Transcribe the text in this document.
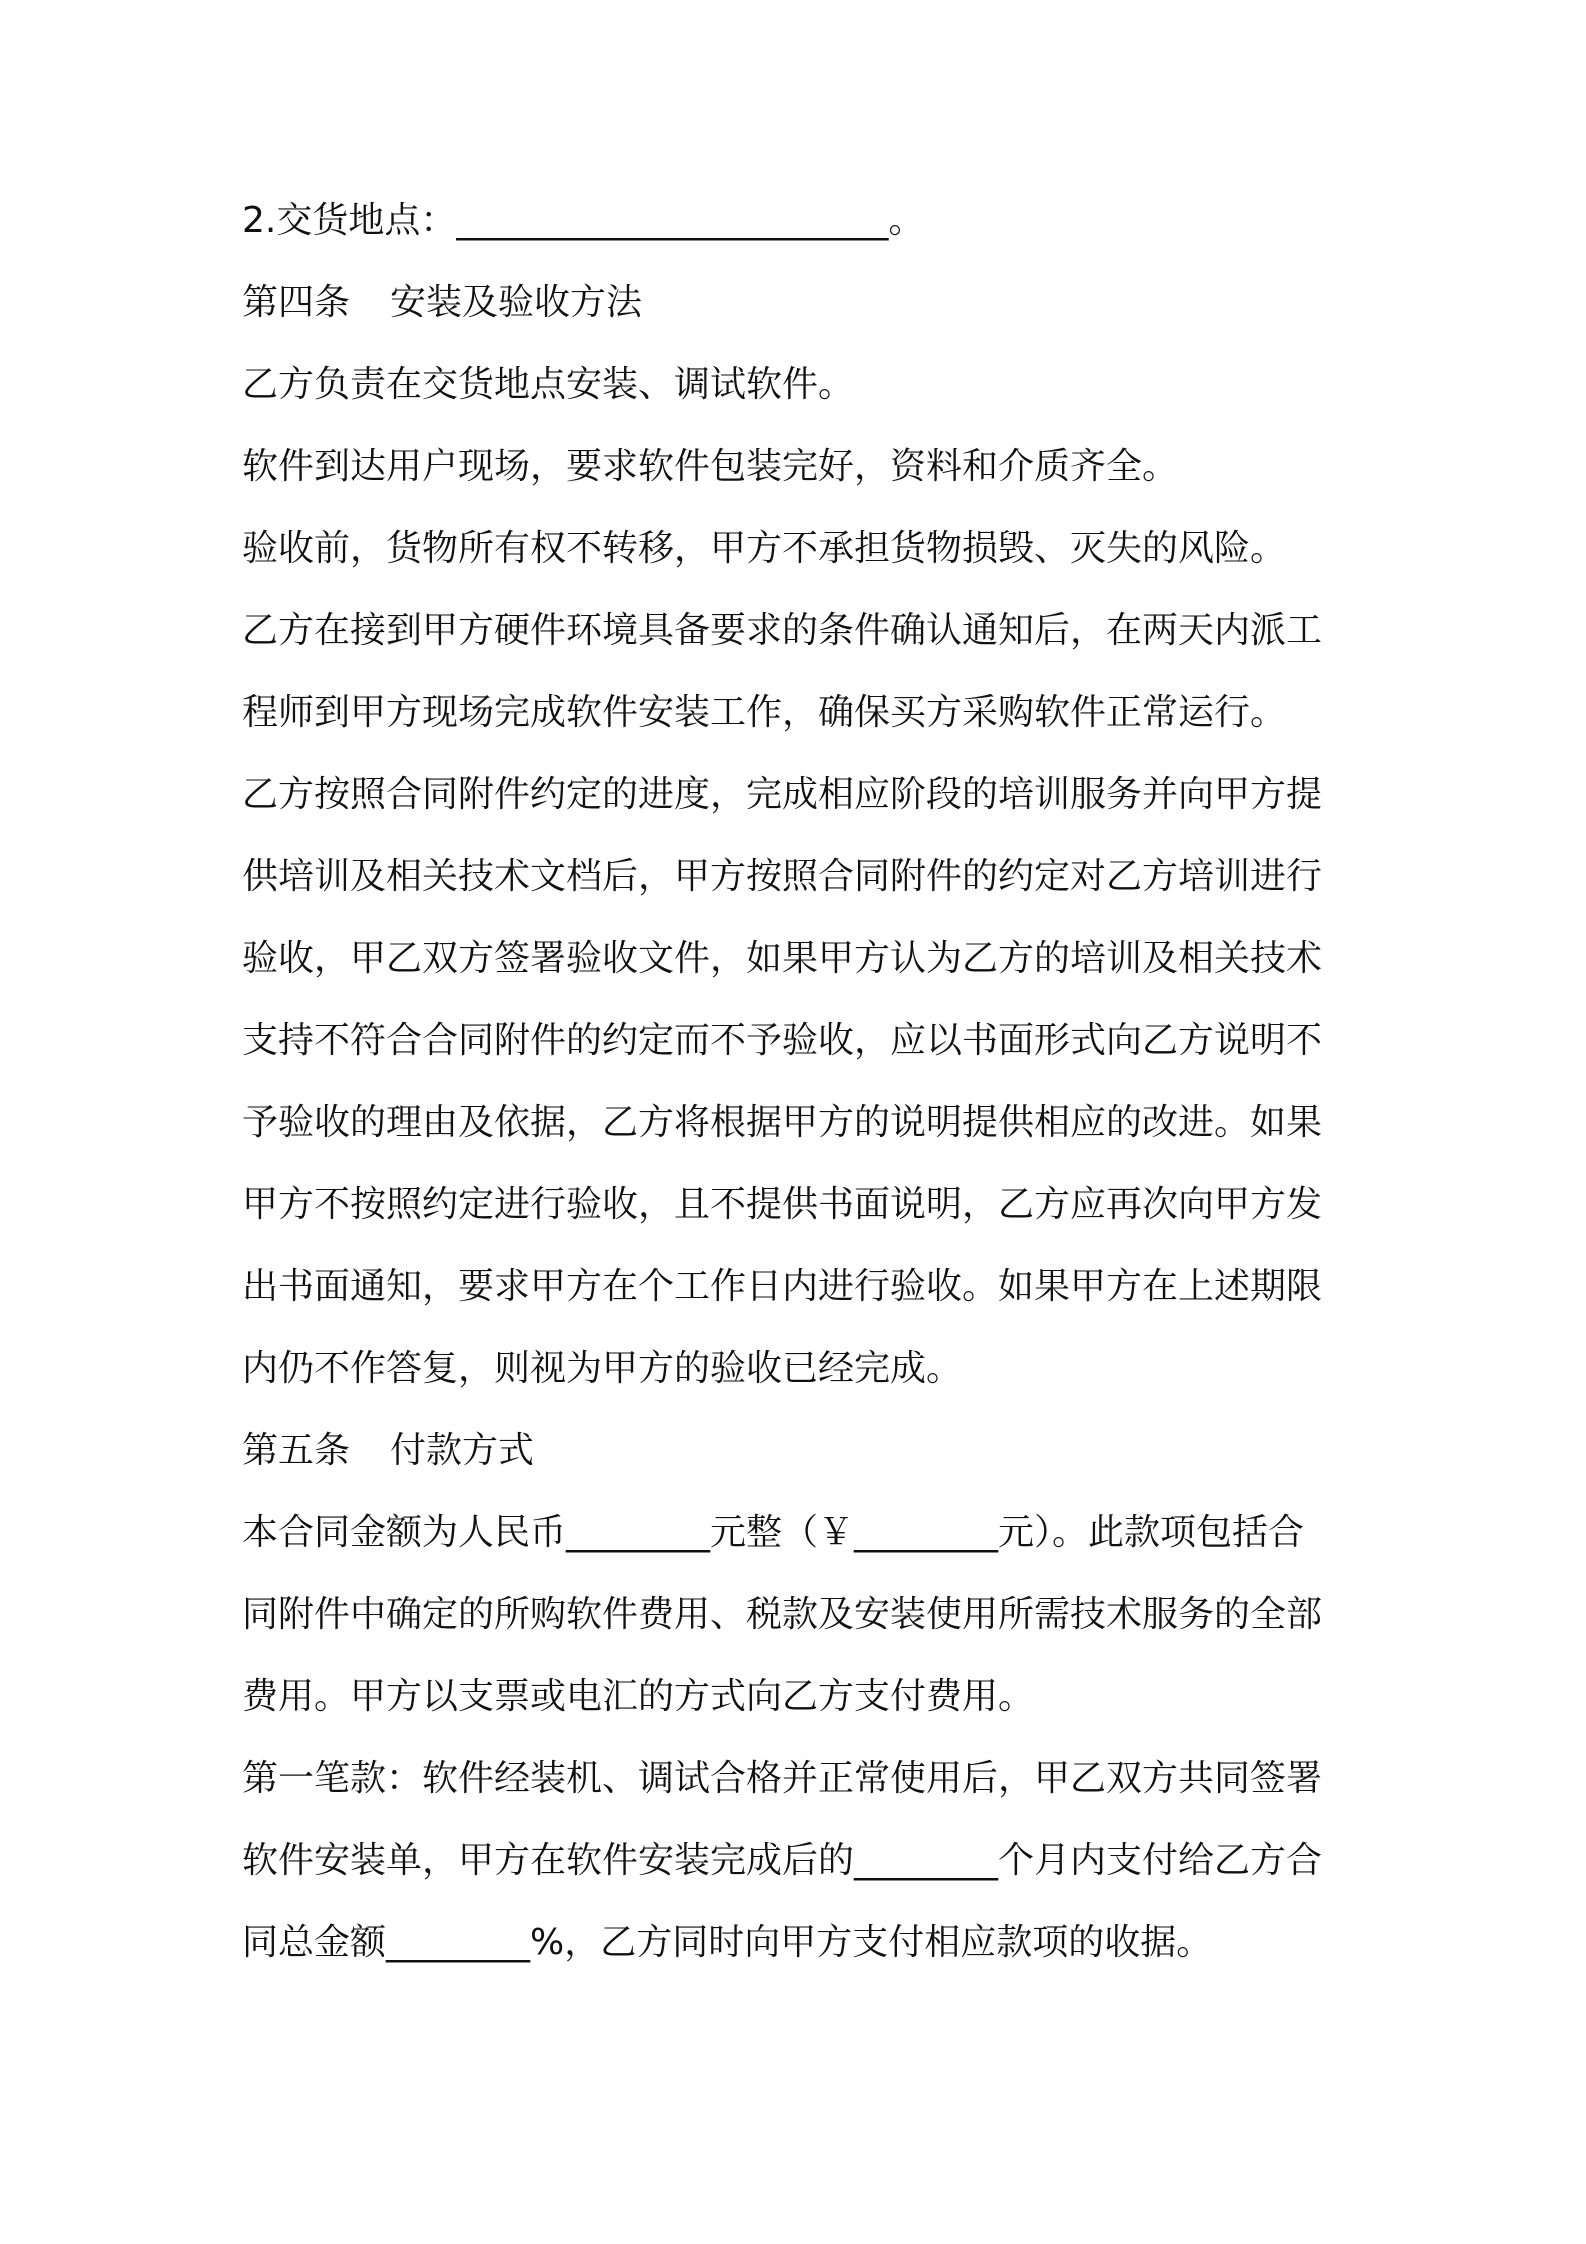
2.交货地点：________________________。
第四条 安装及验收方法
乙方负责在交货地点安装、调试软件。
软件到达用户现场，要求软件包装完好，资料和介质齐全。
验收前，货物所有权不转移，甲方不承担货物损毁、灭失的风险。
乙方在接到甲方硬件环境具备要求的条件确认通知后，在两天内派工
程师到甲方现场完成软件安装工作，确保买方采购软件正常运行。
乙方按照合同附件约定的进度，完成相应阶段的培训服务并向甲方提
供培训及相关技术文档后，甲方按照合同附件的约定对乙方培训进行
验收，甲乙双方签署验收文件，如果甲方认为乙方的培训及相关技术
支持不符合合同附件的约定而不予验收，应以书面形式向乙方说明不
予验收的理由及依据，乙方将根据甲方的说明提供相应的改进。如果
甲方不按照约定进行验收，且不提供书面说明，乙方应再次向甲方发
出书面通知，要求甲方在个工作日内进行验收。如果甲方在上述期限
内仍不作答复，则视为甲方的验收已经完成。
第五条 付款方式
本合同金额为人民币________元整（￥________元）。此款项包括合
同附件中确定的所购软件费用、税款及安装使用所需技术服务的全部
费用。甲方以支票或电汇的方式向乙方支付费用。
第一笔款：软件经装机、调试合格并正常使用后，甲乙双方共同签署
软件安装单，甲方在软件安装完成后的________个月内支付给乙方合
同总金额________%，乙方同时向甲方支付相应款项的收据。
